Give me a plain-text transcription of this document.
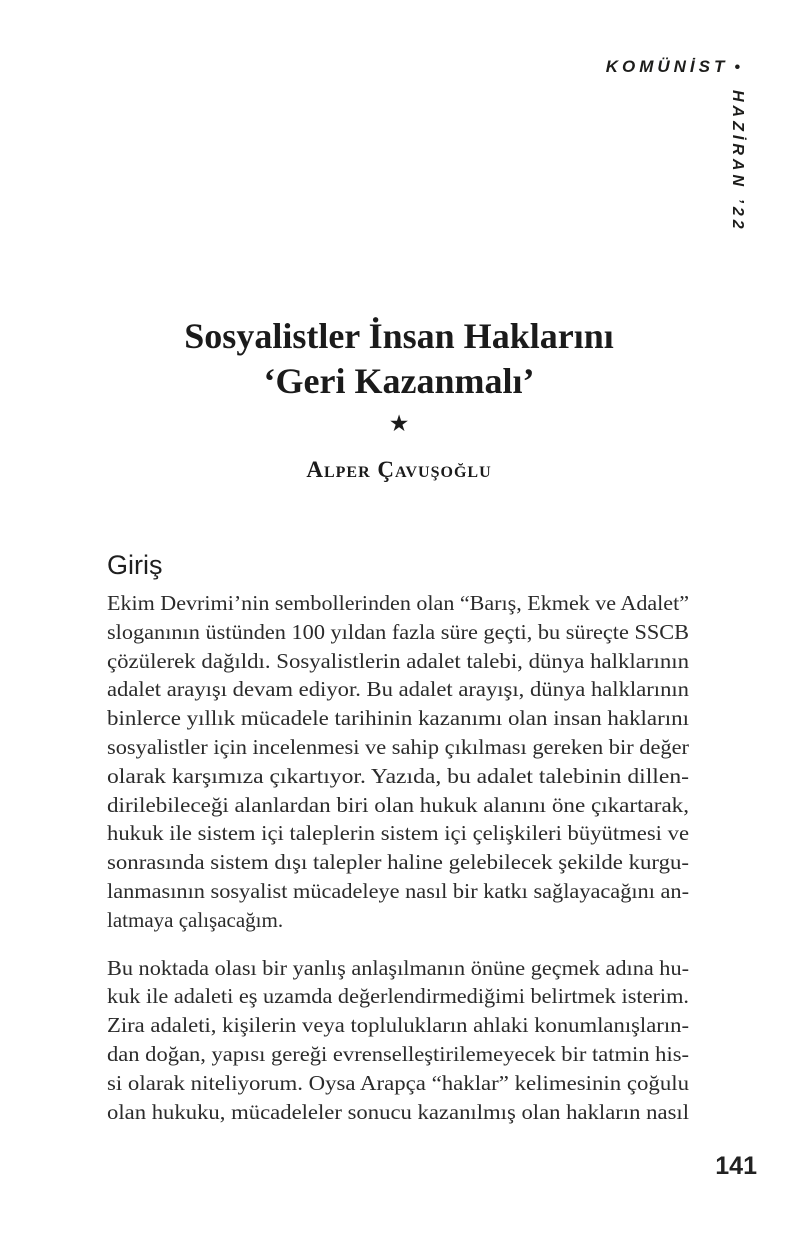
KOMÜNİST •
HAZİRAN ’22
Sosyalistler İnsan Haklarını
‘Geri Kazanmalı’
★
Alper Çavuşoğlu
Giriş
Ekim Devrimi’nin sembollerinden olan “Barış, Ekmek ve Adalet”
sloganının üstünden 100 yıldan fazla süre geçti, bu süreçte SSCB
çözülerek dağıldı. Sosyalistlerin adalet talebi, dünya halklarının
adalet arayışı devam ediyor. Bu adalet arayışı, dünya halklarının
binlerce yıllık mücadele tarihinin kazanımı olan insan haklarını
sosyalistler için incelenmesi ve sahip çıkılması gereken bir değer
olarak karşımıza çıkartıyor. Yazıda, bu adalet talebinin dillen-
dirilebileceği alanlardan biri olan hukuk alanını öne çıkartarak,
hukuk ile sistem içi taleplerin sistem içi çelişkileri büyütmesi ve
sonrasında sistem dışı talepler haline gelebilecek şekilde kurgu-
lanmasının sosyalist mücadeleye nasıl bir katkı sağlayacağını an-
latmaya çalışacağım.
Bu noktada olası bir yanlış anlaşılmanın önüne geçmek adına hu-
kuk ile adaleti eş uzamda değerlendirmediğimi belirtmek isterim.
Zira adaleti, kişilerin veya toplulukların ahlaki konumlanışların-
dan doğan, yapısı gereği evrenselleştirilemeyecek bir tatmin his-
si olarak niteliyorum. Oysa Arapça “haklar” kelimesinin çoğulu
olan hukuku, mücadeleler sonucu kazanılmış olan hakların nasıl
141
